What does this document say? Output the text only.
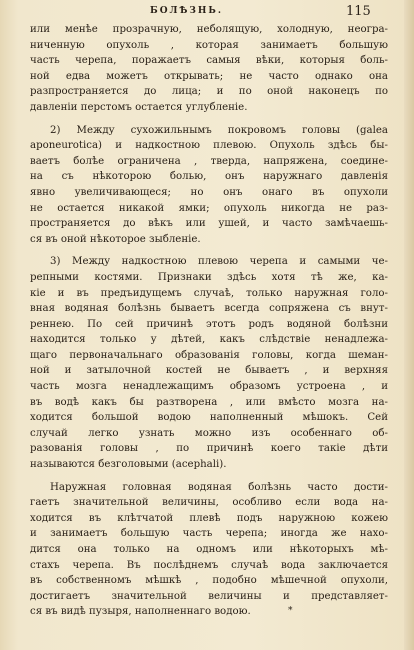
БОЛѢЗНЬ.	115
или менѣе прозрачную, неболящую, холодную, неогра-
ниченную опухоль , которая занимаетъ большую
часть черепа, поражаетъ самыя вѣки, которыя боль-
ной едва можетъ открывать; не часто однако она
разпространяется до лица; и по оной наконецъ по
давленіи перстомъ остается углубленіе.
2) Между сухожильнымъ покровомъ головы (galea
aponeurotica) и надкостною плевою. Опухоль здѣсь бы-
ваетъ болѣе ограничена , тверда, напряжена, соедине-
на съ нѣкоторою болью, онъ наружнаго давленія
явно увеличивающеся; но онъ онаго въ опухоли
не остается никакой ямки; опухоль никогда не раз-
пространяется до вѣкъ или ушей, и часто замѣчаешь-
ся въ оной нѣкоторое зыбленіе.
3) Между надкостною плевою черепа и самыми че-
репными костями. Признаки здѣсь хотя тѣ же, ка-
кіе и въ предъидущемъ случаѣ, только наружная голо-
вная водяная болѣзнь бываетъ всегда сопряжена съ внут-
реннею. По сей причинѣ этотъ родъ водяной болѣзни
находится только у дѣтей, какъ слѣдствіе ненадлежа-
щаго первоначальнаго образованія головы, когда шеман-
ной и затылочной костей не бываетъ , и верхняя
часть мозга ненадлежащимъ образомъ устроена , и
въ водѣ какъ бы разтворена , или вмѣсто мозга на-
ходится большой водою наполненный мѣшокъ. Сей
случай легко узнать можно изъ особеннаго об-
разованія головы , по причинѣ коего такіе дѣти
называются безголовыми (acephali).
Наружная головная водяная болѣзнь часто дости-
гаетъ значительной величины, особливо если вода на-
ходится въ клѣтчатой плевѣ подъ наружною кожею
и занимаетъ большую часть черепа; иногда же нахо-
дится она только на одномъ или нѣкоторыхъ мѣ-
стахъ черепа. Въ послѣднемъ случаѣ вода заключается
въ собственномъ мѣшкѣ , подобно мѣшечной опухоли,
достигаетъ значительной величины и представляет-
ся въ видѣ пузыря, наполненнаго водою.	*
